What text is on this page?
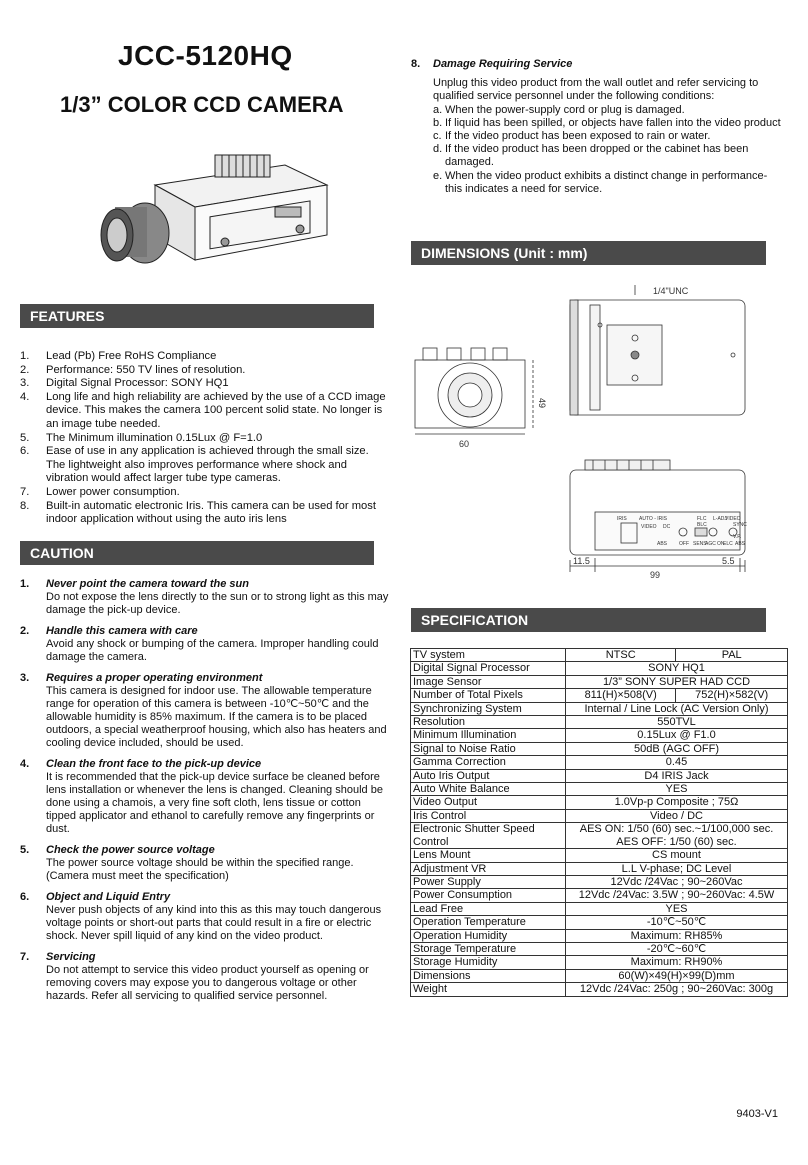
JCC-5120HQ
1/3” COLOR CCD CAMERA
FEATURES
1.	Lead (Pb) Free RoHS Compliance
2.	Performance: 550 TV lines of resolution.
3.	Digital Signal Processor: SONY HQ1
4.	Long life and high reliability are achieved by the use of a CCD image device. This makes the camera 100 percent solid state. No longer is an image tube needed.
5.	The Minimum illumination 0.15Lux @ F=1.0
6.	Ease of use in any application is achieved through the small size. The lightweight also improves performance where shock and vibration would affect larger tube type cameras.
7.	Lower power consumption.
8.	Built-in automatic electronic Iris. This camera can be used for most indoor application without using the auto iris lens
CAUTION
1.	Never point the camera toward the sun
Do not expose the lens directly to the sun or to strong light as this may damage the pick-up device.
2.	Handle this camera with care
Avoid any shock or bumping of the camera. Improper handling could damage the camera.
3.	Requires a proper operating environment
This camera is designed for indoor use. The allowable temperature range for operation of this camera is between -10℃~50℃ and the allowable humidity is 85% maximum. If the camera is to be placed outdoors, a special weatherproof housing, which also has heaters and cooling device included, should be used.
4.	Clean the front face to the pick-up device
It is recommended that the pick-up device surface be cleaned before lens installation or whenever the lens is changed. Cleaning should be done using a chamois, a very fine soft cloth, lens tissue or cotton tipped applicator and ethanol to carefully remove any fingerprints or dust.
5.	Check the power source voltage
The power source voltage should be within the specified range. (Camera must meet the specification)
6.	Object and Liquid Entry
Never push objects of any kind into this as this may touch dangerous voltage points or short-out parts that could result in a fire or electric shock. Never spill liquid of any kind on the video product.
7.	Servicing
Do not attempt to service this video product yourself as opening or removing covers may expose you to dangerous voltage or other hazards. Refer all servicing to qualified service personnel.
8.	Damage Requiring Service
Unplug this video product from the wall outlet and refer servicing to qualified service personnel under the following conditions:
a. When the power-supply cord or plug is damaged.
b. If liquid has been spilled, or objects have fallen into the video product
c. If the video product has been exposed to rain or water.
d. If the video product has been dropped or the cabinet has been damaged.
e. When the video product exhibits a distinct change in performance-this indicates a need for service.
DIMENSIONS (Unit : mm)
1/4"UNC
60
49
99
11.5	5.5
IRIS AUTO - IRIS
VIDEO DC
ABS
FLC
BLC
OFF SENS
AGC ON
L-ADJ
VIDEO
SYNC
ELC ABS
V.P.
SPECIFICATION
TV system	NTSC	PAL
Digital Signal Processor	SONY HQ1	

Image Sensor	1/3” SONY SUPER HAD CCD	

Number of Total Pixels	811(H)×508(V)	752(H)×582(V)
Synchronizing System	Internal / Line Lock (AC Version Only)	

Resolution	550TVL	

Minimum Illumination	0.15Lux @ F1.0	

Signal to Noise Ratio	50dB (AGC OFF)	

Gamma Correction	0.45	

Auto Iris Output	D4 IRIS Jack	

Auto White Balance	YES	

Video Output	1.0Vp-p Composite ; 75Ω	

Iris Control	Video / DC	

Electronic Shutter Speed Control	AES ON: 1/50 (60) sec.~1/100,000 sec.
AES OFF: 1/50 (60) sec.	

Lens Mount	CS mount	

Adjustment VR	L.L V-phase; DC Level	

Power Supply	12Vdc /24Vac ; 90~260Vac	

Power Consumption	12Vdc /24Vac: 3.5W ; 90~260Vac: 4.5W	

Lead Free	YES	

Operation Temperature	-10℃~50℃	

Operation Humidity	Maximum: RH85%	

Storage Temperature	-20℃~60℃	

Storage Humidity	Maximum: RH90%	

Dimensions	60(W)×49(H)×99(D)mm	

Weight	12Vdc /24Vac: 250g ; 90~260Vac: 300g	
9403-V1
